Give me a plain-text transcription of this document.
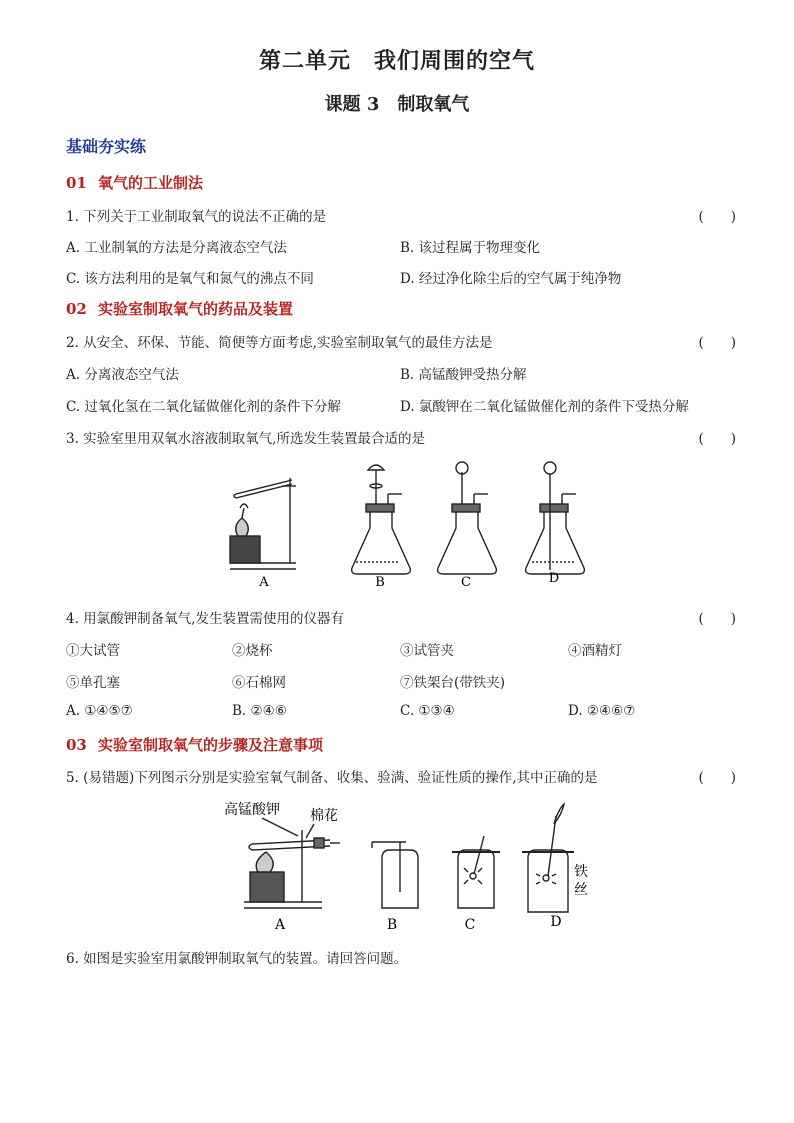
第二单元　我们周围的空气
课题 3　制取氧气
基础夯实练
01 氧气的工业制法
1. 下列关于工业制取氧气的说法不正确的是	(　　)
A. 工业制氧的方法是分离液态空气法	B. 该过程属于物理变化
C. 该方法利用的是氧气和氮气的沸点不同	D. 经过净化除尘后的空气属于纯净物
02 实验室制取氧气的药品及装置
2. 从安全、环保、节能、简便等方面考虑,实验室制取氧气的最佳方法是	(　　)
A. 分离液态空气法	B. 高锰酸钾受热分解
C. 过氧化氢在二氧化锰做催化剂的条件下分解	D. 氯酸钾在二氧化锰做催化剂的条件下受热分解
3. 实验室里用双氧水溶液制取氧气,所选发生装置最合适的是	(　　)
A	B	C	D
4. 用氯酸钾制备氧气,发生装置需使用的仪器有	(　　)
①大试管	②烧杯	③试管夹	④酒精灯
⑤单孔塞	⑥石棉网	⑦铁架台(带铁夹)
A. ①④⑤⑦	B. ②④⑥	C. ①③④	D. ②④⑥⑦
03 实验室制取氧气的步骤及注意事项
5. (易错题)下列图示分别是实验室氧气制备、收集、验满、验证性质的操作,其中正确的是	(　　)
高锰酸钾 棉花
铁
丝
A	B	C	D
6. 如图是实验室用氯酸钾制取氧气的装置。请回答问题。
